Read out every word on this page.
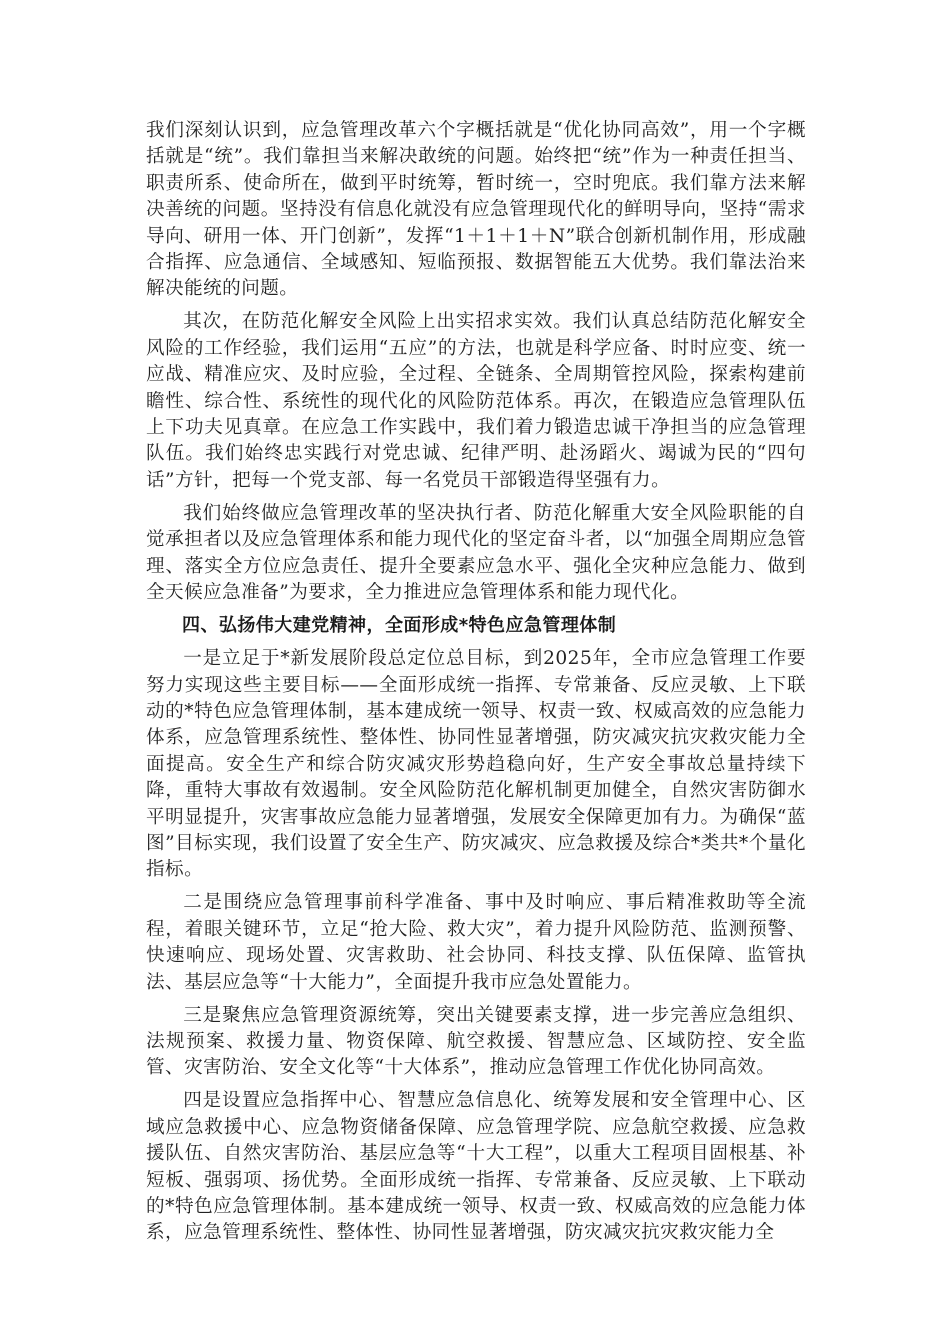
我们深刻认识到，应急管理改革六个字概括就是“优化协同高效”，用一个字概括就是“统”。我们靠担当来解决敢统的问题。始终把“统”作为一种责任担当、职责所系、使命所在，做到平时统筹，暂时统一，空时兜底。我们靠方法来解决善统的问题。坚持没有信息化就没有应急管理现代化的鲜明导向，坚持“需求导向、研用一体、开门创新”，发挥“1＋1＋1＋N”联合创新机制作用，形成融合指挥、应急通信、全域感知、短临预报、数据智能五大优势。我们靠法治来解决能统的问题。

其次，在防范化解安全风险上出实招求实效。我们认真总结防范化解安全风险的工作经验，我们运用“五应”的方法，也就是科学应备、时时应变、统一应战、精准应灾、及时应验，全过程、全链条、全周期管控风险，探索构建前瞻性、综合性、系统性的现代化的风险防范体系。再次，在锻造应急管理队伍上下功夫见真章。在应急工作实践中，我们着力锻造忠诚干净担当的应急管理队伍。我们始终忠实践行对党忠诚、纪律严明、赴汤蹈火、竭诚为民的“四句话”方针，把每一个党支部、每一名党员干部锻造得坚强有力。

我们始终做应急管理改革的坚决执行者、防范化解重大安全风险职能的自觉承担者以及应急管理体系和能力现代化的坚定奋斗者，以“加强全周期应急管理、落实全方位应急责任、提升全要素应急水平、强化全灾种应急能力、做到全天候应急准备”为要求，全力推进应急管理体系和能力现代化。

四、弘扬伟大建党精神，全面形成*特色应急管理体制

一是立足于*新发展阶段总定位总目标，到2025年，全市应急管理工作要努力实现这些主要目标——全面形成统一指挥、专常兼备、反应灵敏、上下联动的*特色应急管理体制，基本建成统一领导、权责一致、权威高效的应急能力体系，应急管理系统性、整体性、协同性显著增强，防灾减灾抗灾救灾能力全面提高。安全生产和综合防灾减灾形势趋稳向好，生产安全事故总量持续下降，重特大事故有效遏制。安全风险防范化解机制更加健全，自然灾害防御水平明显提升，灾害事故应急能力显著增强，发展安全保障更加有力。为确保“蓝图”目标实现，我们设置了安全生产、防灾减灾、应急救援及综合*类共*个量化指标。

二是围绕应急管理事前科学准备、事中及时响应、事后精准救助等全流程，着眼关键环节，立足“抢大险、救大灾”，着力提升风险防范、监测预警、快速响应、现场处置、灾害救助、社会协同、科技支撑、队伍保障、监管执法、基层应急等“十大能力”，全面提升我市应急处置能力。

三是聚焦应急管理资源统筹，突出关键要素支撑，进一步完善应急组织、法规预案、救援力量、物资保障、航空救援、智慧应急、区域防控、安全监管、灾害防治、安全文化等“十大体系”，推动应急管理工作优化协同高效。

四是设置应急指挥中心、智慧应急信息化、统筹发展和安全管理中心、区域应急救援中心、应急物资储备保障、应急管理学院、应急航空救援、应急救援队伍、自然灾害防治、基层应急等“十大工程”，以重大工程项目固根基、补短板、强弱项、扬优势。全面形成统一指挥、专常兼备、反应灵敏、上下联动的*特色应急管理体制。基本建成统一领导、权责一致、权威高效的应急能力体系，应急管理系统性、整体性、协同性显著增强，防灾减灾抗灾救灾能力全
